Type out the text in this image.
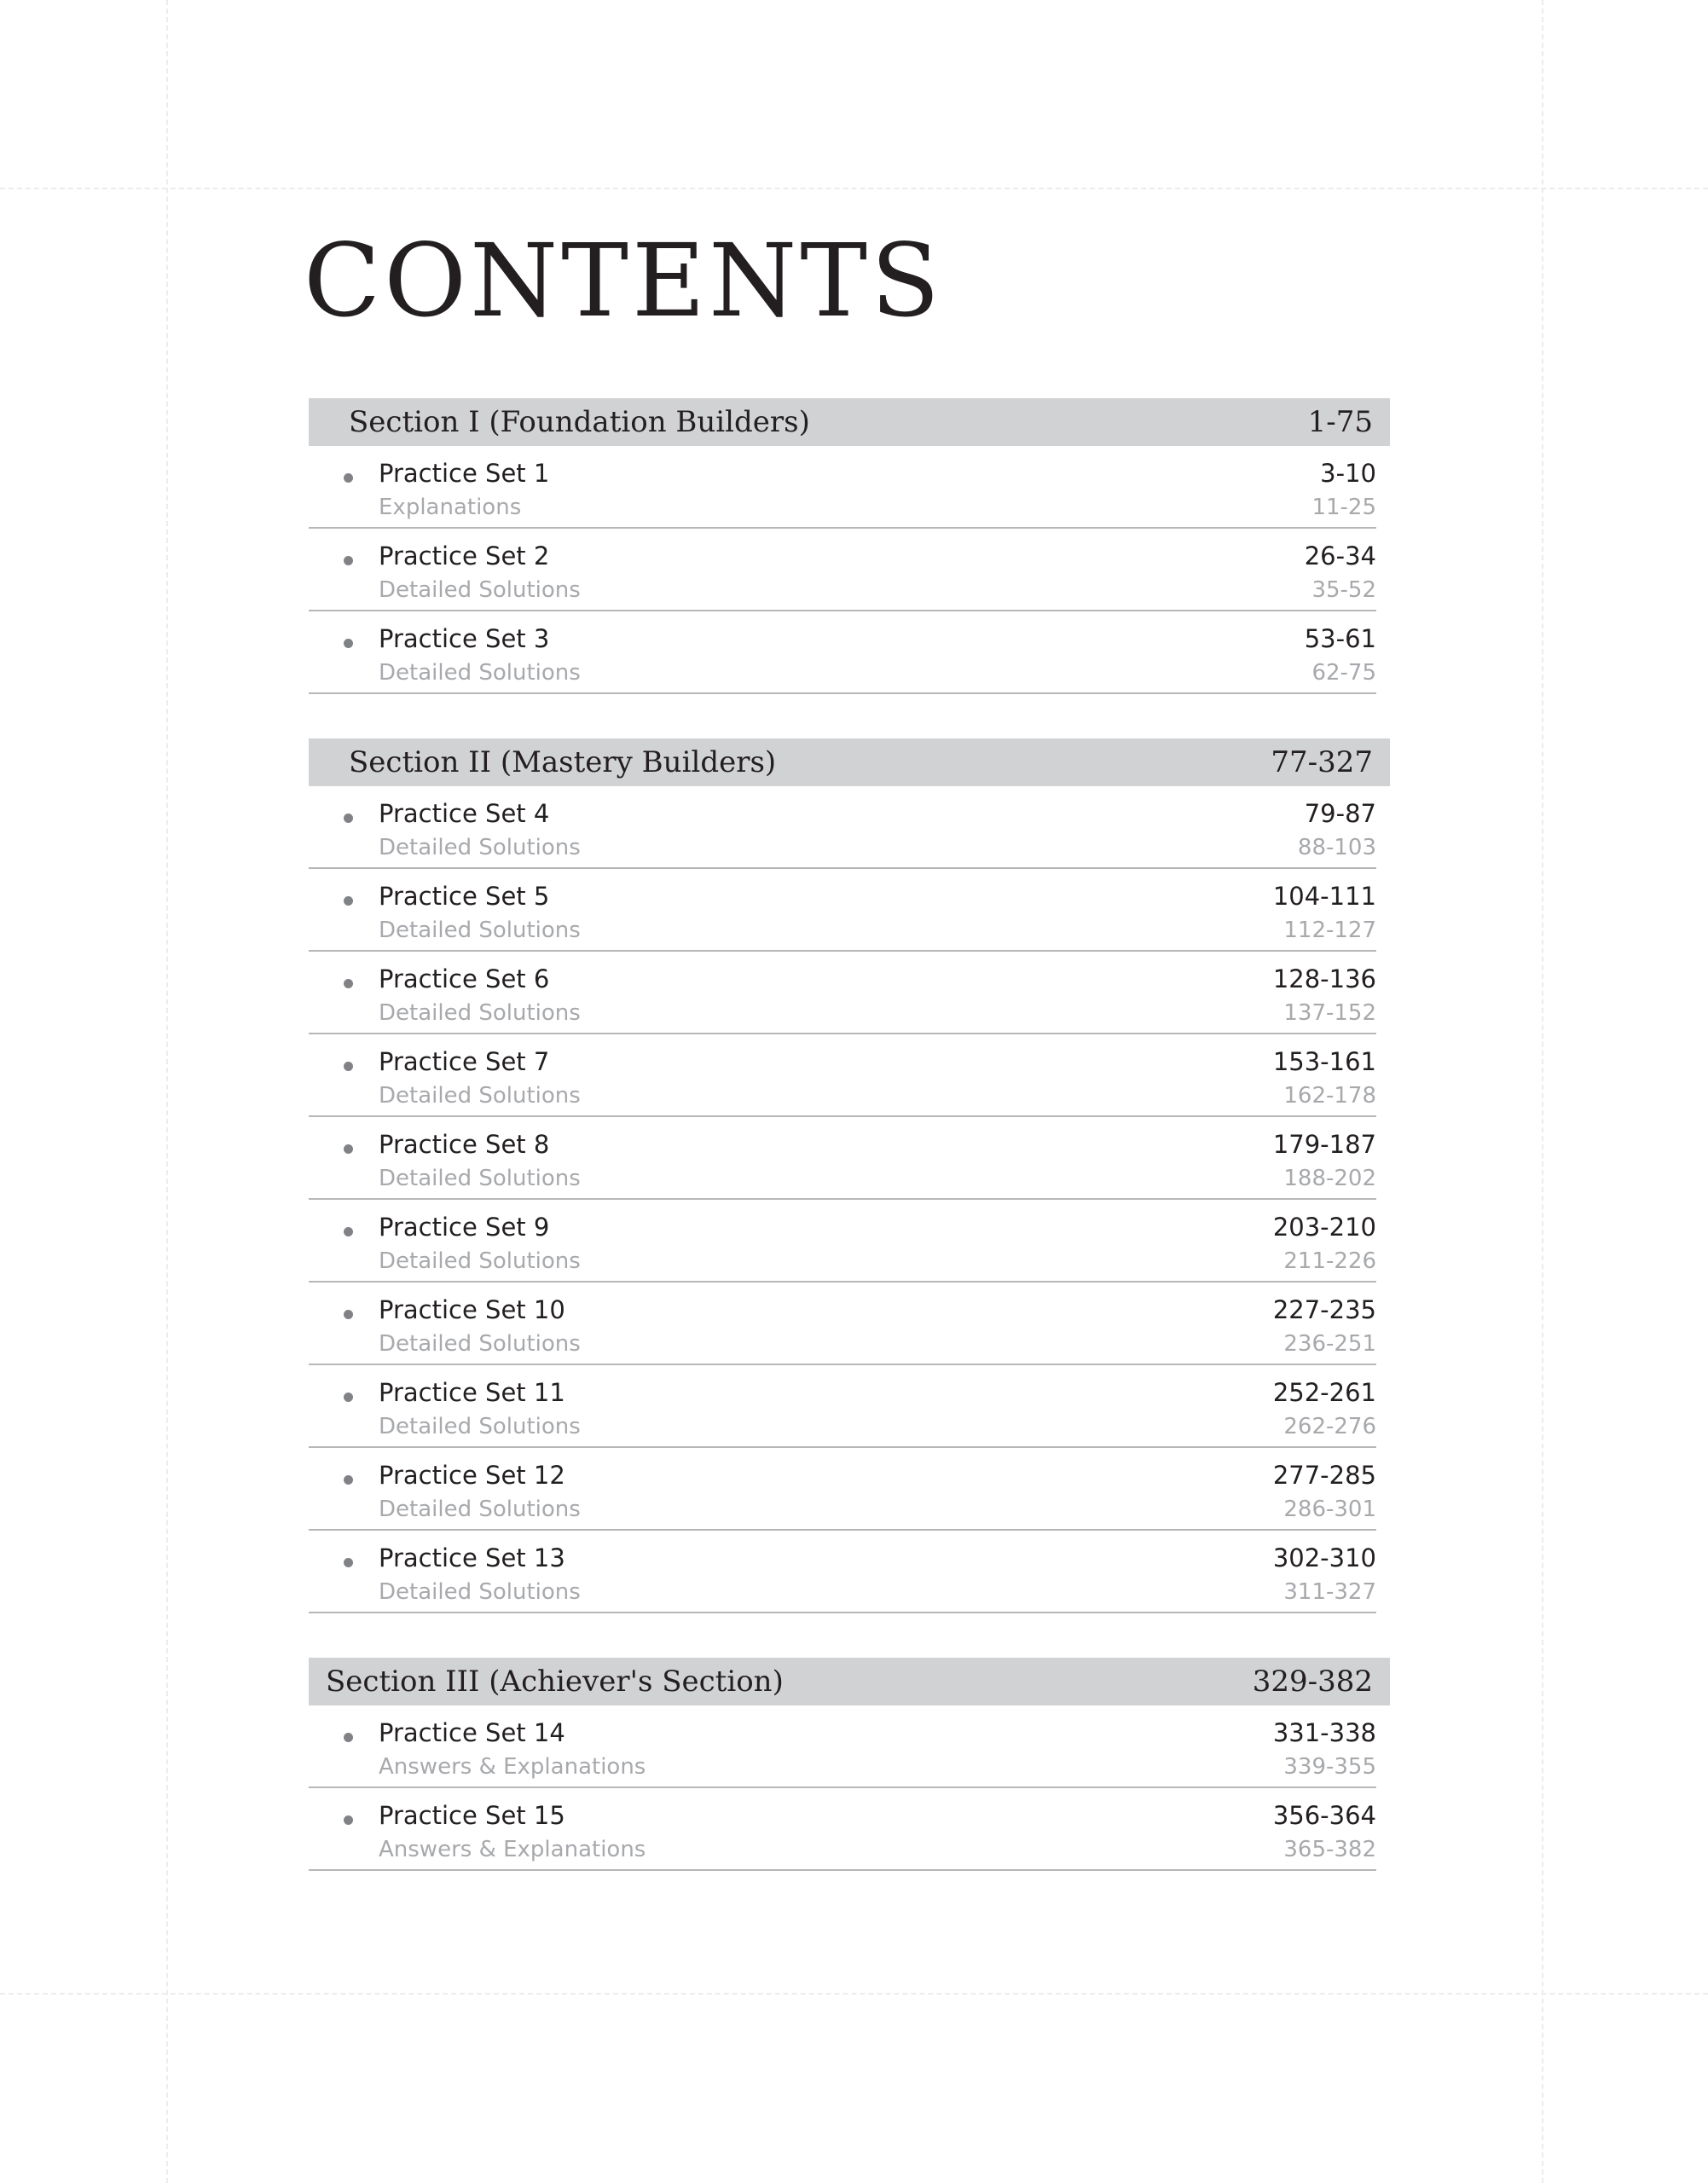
CONTENTS
Section I (Foundation Builders)	1-75
Practice Set 1	3-10
Explanations	11-25
Practice Set 2	26-34
Detailed Solutions	35-52
Practice Set 3	53-61
Detailed Solutions	62-75
Section II (Mastery Builders)	77-327
Practice Set 4	79-87
Detailed Solutions	88-103
Practice Set 5	104-111
Detailed Solutions	112-127
Practice Set 6	128-136
Detailed Solutions	137-152
Practice Set 7	153-161
Detailed Solutions	162-178
Practice Set 8	179-187
Detailed Solutions	188-202
Practice Set 9	203-210
Detailed Solutions	211-226
Practice Set 10	227-235
Detailed Solutions	236-251
Practice Set 11	252-261
Detailed Solutions	262-276
Practice Set 12	277-285
Detailed Solutions	286-301
Practice Set 13	302-310
Detailed Solutions	311-327
Section III (Achiever's Section)	329-382
Practice Set 14	331-338
Answers & Explanations	339-355
Practice Set 15	356-364
Answers & Explanations	365-382
